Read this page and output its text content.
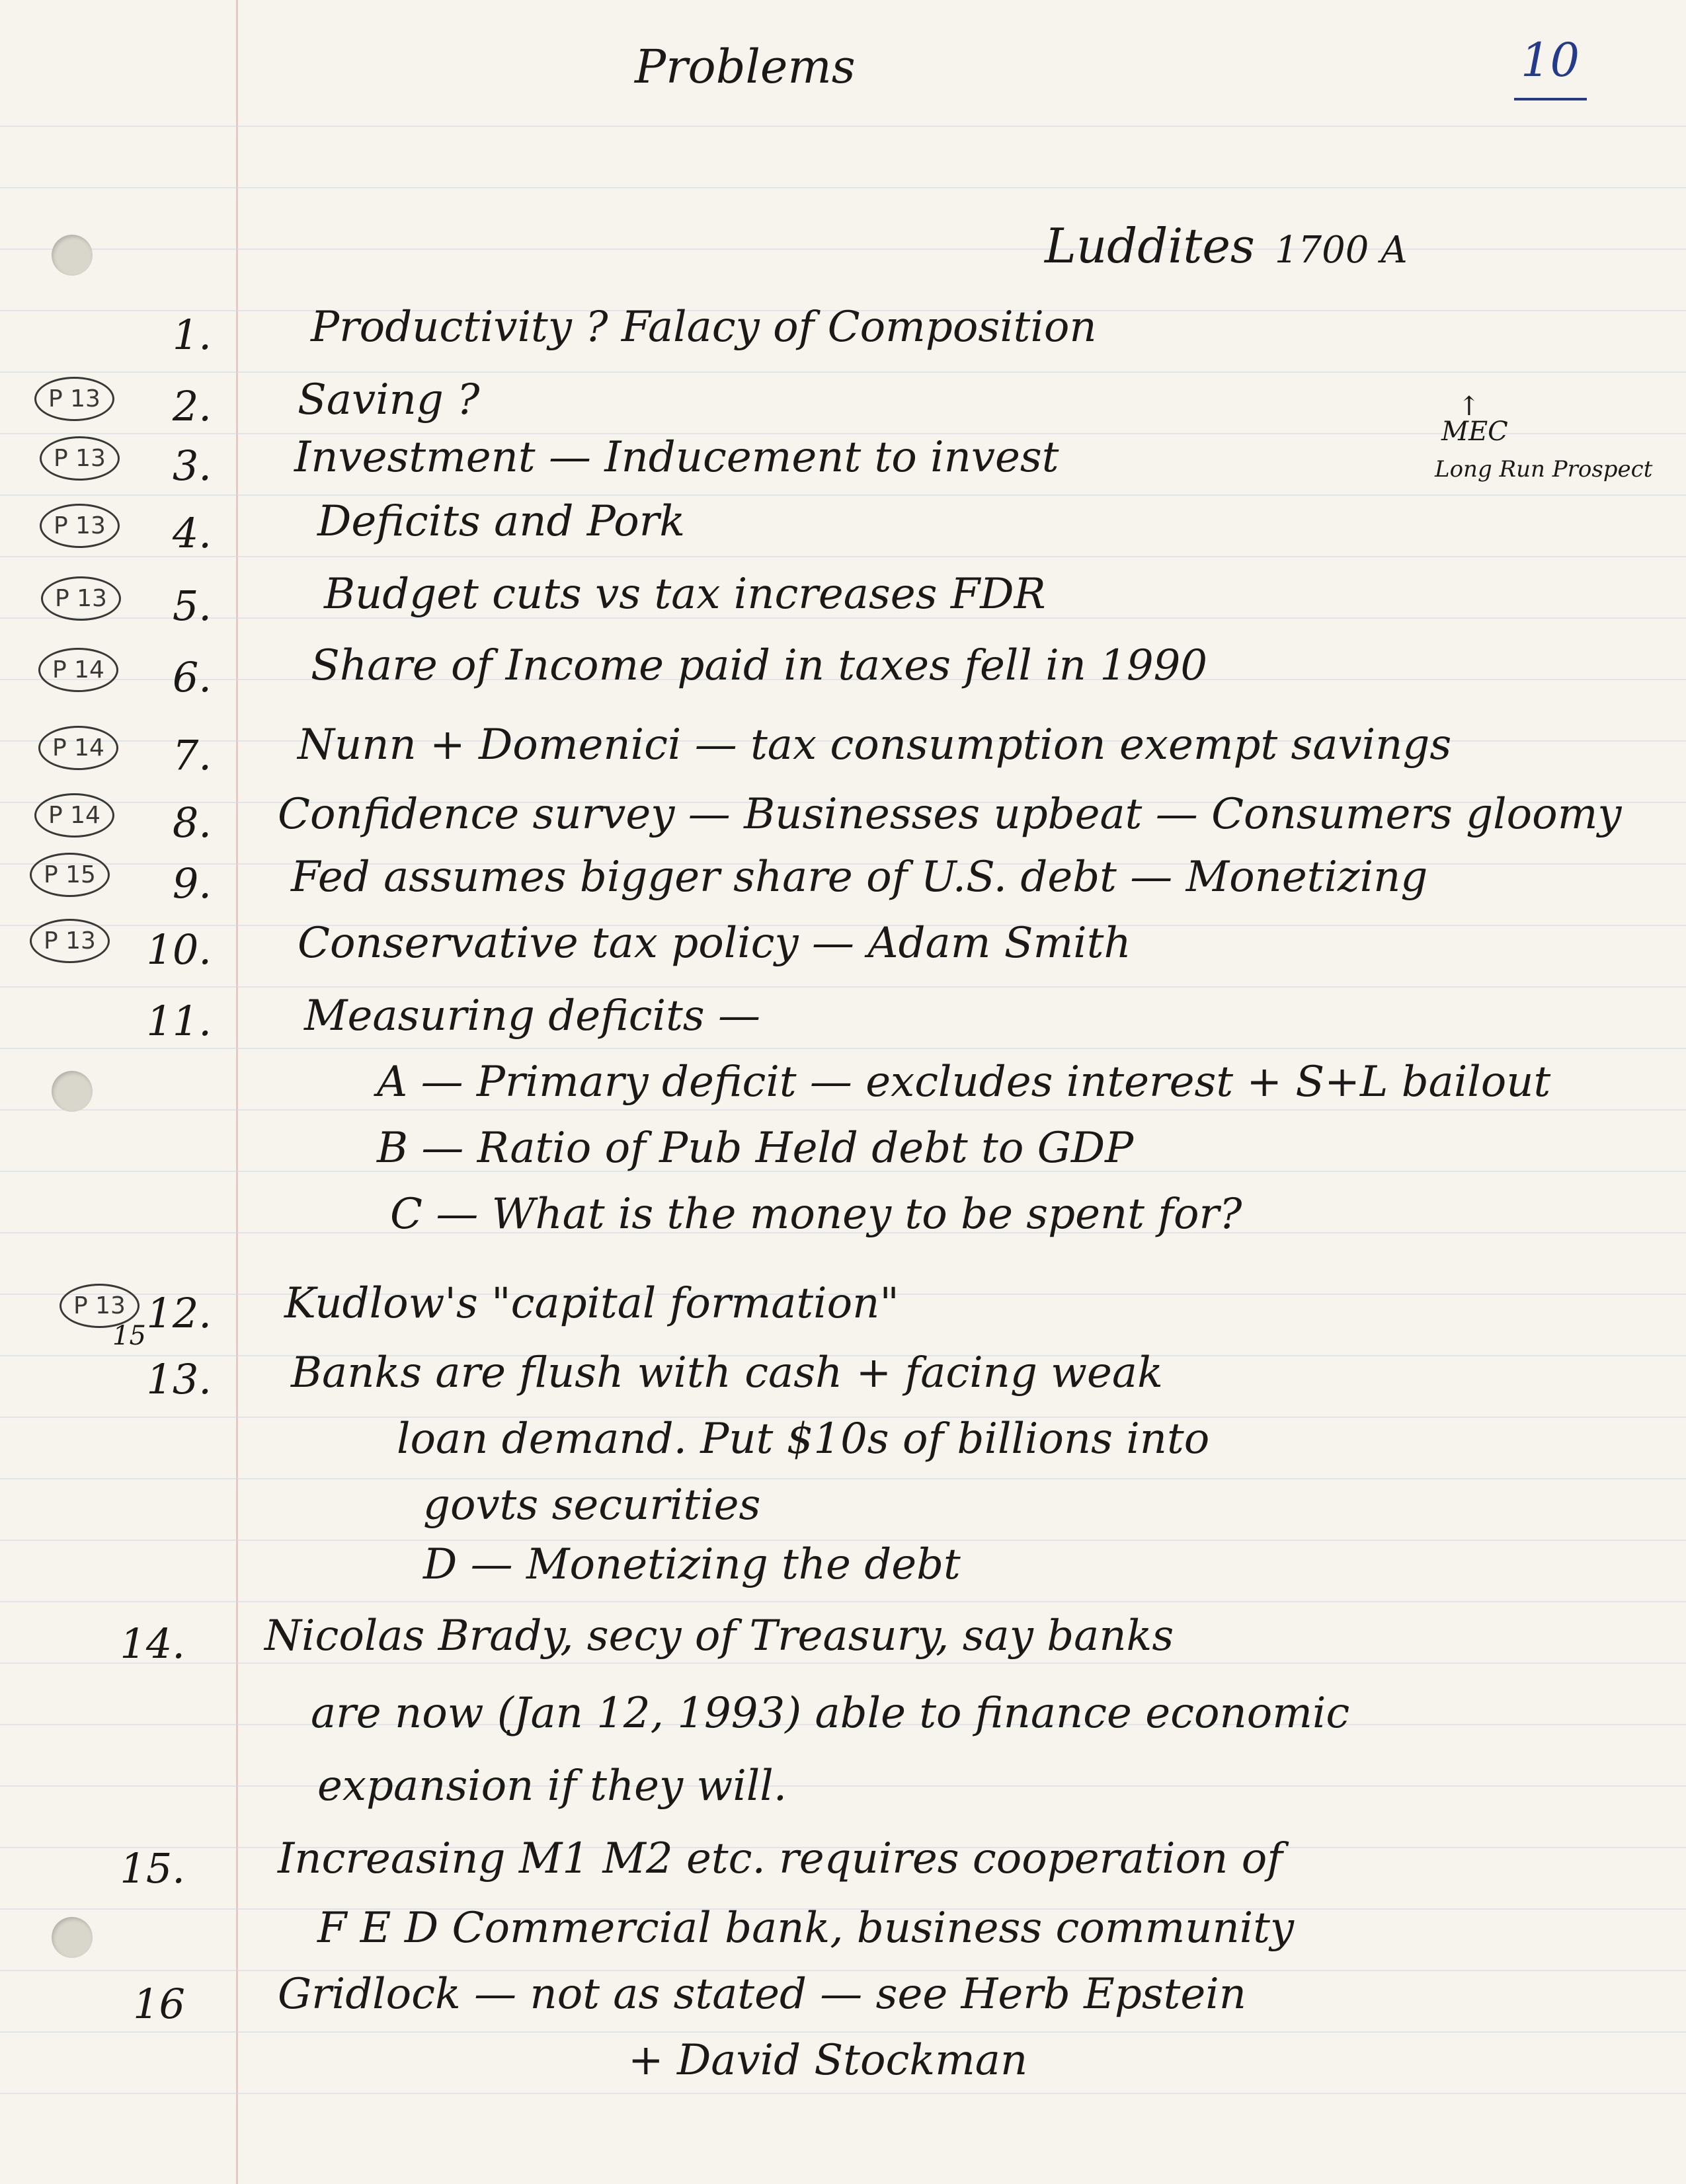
Problems	10
Luddites 1700 A
1. Productivity ? Falacy of Composition
P 13	2. Saving ?
P 13	3. Investment — Inducement to invest
↑
MEC
Long Run Prospect
P 13	4.	Deficits and Pork
P 13	5.	Budget cuts vs tax increases FDR
P 14	6. Share of Income paid in taxes fell in 1990
P 14	7. Nunn + Domenici — tax consumption exempt savings
P 14	8. Confidence survey — Businesses upbeat — Consumers gloomy
P 15	9. Fed assumes bigger share of U.S. debt — Monetizing
P 13	10. Conservative tax policy — Adam Smith
11. Measuring deficits —
A — Primary deficit — excludes interest + S+L bailout
B — Ratio of Pub Held debt to GDP
C — What is the money to be spent for?
P 13
15 12. Kudlow's "capital formation"
13. Banks are flush with cash + facing weak
loan demand. Put $10s of billions into
govts securities
D — Monetizing the debt
14. Nicolas Brady, secy of Treasury, say banks
are now (Jan 12, 1993) able to finance economic
expansion if they will.
15. Increasing M1 M2 etc. requires cooperation of
F E D Commercial bank, business community
16 Gridlock — not as stated — see Herb Epstein
+ David Stockman
